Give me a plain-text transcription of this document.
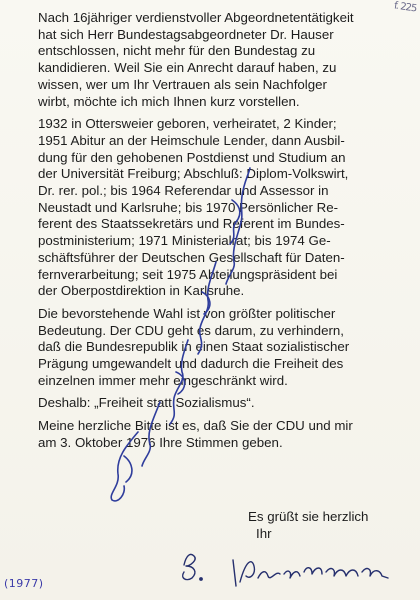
f. 225

Nach 16jähriger verdienstvoller Abgeordnetentätigkeit
hat sich Herr Bundestagsabgeordneter Dr. Hauser
entschlossen, nicht mehr für den Bundestag zu
kandidieren. Weil Sie ein Anrecht darauf haben, zu
wissen, wer um Ihr Vertrauen als sein Nachfolger
wirbt, möchte ich mich Ihnen kurz vorstellen.

1932 in Ottersweier geboren, verheiratet, 2 Kinder;
1951 Abitur an der Heimschule Lender, dann Ausbil-
dung für den gehobenen Postdienst und Studium an
der Universität Freiburg; Abschluß: Diplom-Volkswirt,
Dr. rer. pol.; bis 1964 Referendar und Assessor in
Neustadt und Karlsruhe; bis 1970 Persönlicher Re-
ferent des Staatssekretärs und Referent im Bundes-
postministerium; 1971 Ministerialrat; bis 1974 Ge-
schäftsführer der Deutschen Gesellschaft für Daten-
fernverarbeitung; seit 1975 Abteilungspräsident bei
der Oberpostdirektion in Karlsruhe.

Die bevorstehende Wahl ist von größter politischer
Bedeutung. Der CDU geht es darum, zu verhindern,
daß die Bundesrepublik in einen Staat sozialistischer
Prägung umgewandelt und dadurch die Freiheit des
einzelnen immer mehr eingeschränkt wird.

Deshalb: „Freiheit statt Sozialismus“.

Meine herzliche Bitte ist es, daß Sie der CDU und mir
am 3. Oktober 1976 Ihre Stimmen geben.

Es grüßt sie herzlich
Ihr
(1977)
